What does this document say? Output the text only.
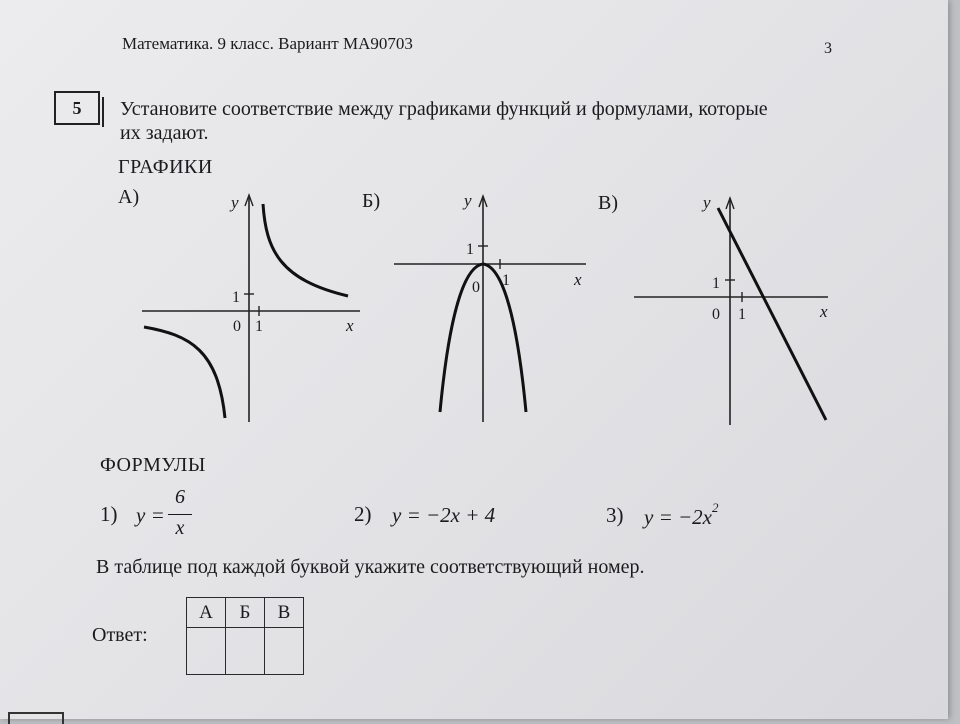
Математика. 9 класс. Вариант МА90703	3
5	Установите соответствие между графиками функций и формулами, которые
их задают.
ГРАФИКИ
А)	Б)	В)
y
1
0 1	x
y
1
0 1	x
y
1
0 1	x
ФОРМУЛЫ
1) y =
6
x
2) y = −2x + 4	3) $y = -2x^2$
В таблице под каждой буквой укажите соответствующий номер.
Ответ:
А	Б	В
